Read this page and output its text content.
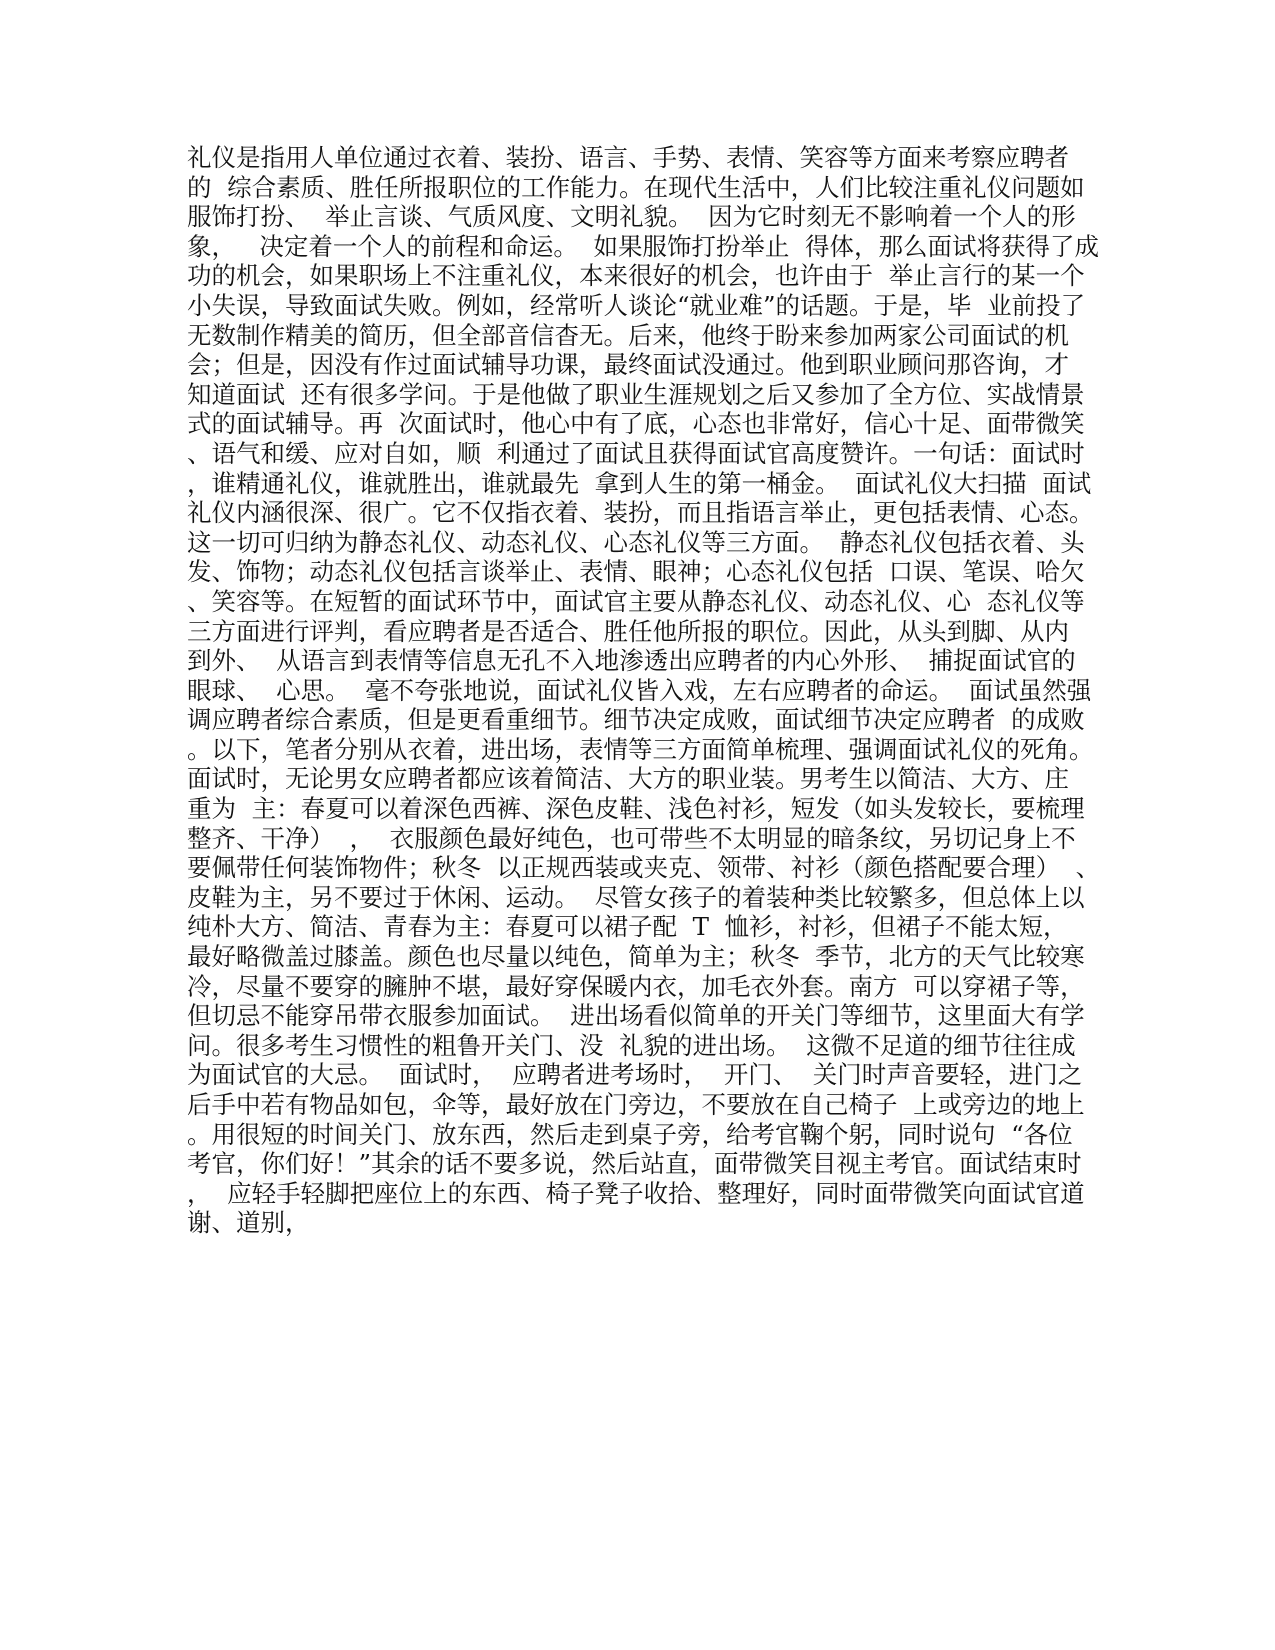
礼仪是指用人单位通过衣着、装扮、语言、手势、表情、笑容等方面来考察应聘者
的  综合素质、胜任所报职位的工作能力。在现代生活中，人们比较注重礼仪问题如
服饰打扮、  举止言谈、气质风度、文明礼貌。  因为它时刻无不影响着一个人的形
象，   决定着一个人的前程和命运。  如果服饰打扮举止  得体，那么面试将获得了成
功的机会，如果职场上不注重礼仪，本来很好的机会，也许由于  举止言行的某一个
小失误，导致面试失败。例如，经常听人谈论“就业难”的话题。于是，毕  业前投了
无数制作精美的简历，但全部音信杳无。后来，他终于盼来参加两家公司面试的机
会；但是，因没有作过面试辅导功课，最终面试没通过。他到职业顾问那咨询，才
知道面试  还有很多学问。于是他做了职业生涯规划之后又参加了全方位、实战情景
式的面试辅导。再  次面试时，他心中有了底，心态也非常好，信心十足、面带微笑
、语气和缓、应对自如，顺  利通过了面试且获得面试官高度赞许。一句话：面试时
，谁精通礼仪，谁就胜出，谁就最先  拿到人生的第一桶金。  面试礼仪大扫描  面试
礼仪内涵很深、很广。它不仅指衣着、装扮，而且指语言举止，更包括表情、心态。
这一切可归纳为静态礼仪、动态礼仪、心态礼仪等三方面。  静态礼仪包括衣着、头
发、饰物；动态礼仪包括言谈举止、表情、眼神；心态礼仪包括  口误、笔误、哈欠
、笑容等。在短暂的面试环节中，面试官主要从静态礼仪、动态礼仪、心  态礼仪等
三方面进行评判，看应聘者是否适合、胜任他所报的职位。因此，从头到脚、从内
到外、  从语言到表情等信息无孔不入地渗透出应聘者的内心外形、  捕捉面试官的
眼球、  心思。  毫不夸张地说，面试礼仪皆入戏，左右应聘者的命运。  面试虽然强
调应聘者综合素质，但是更看重细节。细节决定成败，面试细节决定应聘者  的成败
。以下，笔者分别从衣着，进出场，表情等三方面简单梳理、强调面试礼仪的死角。
面试时，无论男女应聘者都应该着简洁、大方的职业装。男考生以简洁、大方、庄
重为  主：春夏可以着深色西裤、深色皮鞋、浅色衬衫，短发（如头发较长，要梳理
整齐、干净）  ，  衣服颜色最好纯色，也可带些不太明显的暗条纹，另切记身上不
要佩带任何装饰物件；秋冬  以正规西装或夹克、领带、衬衫（颜色搭配要合理）  、
皮鞋为主，另不要过于休闲、运动。  尽管女孩子的着装种类比较繁多，但总体上以
纯朴大方、简洁、青春为主：春夏可以裙子配  T  恤衫，衬衫，但裙子不能太短，
最好略微盖过膝盖。颜色也尽量以纯色，简单为主；秋冬  季节，北方的天气比较寒
冷，尽量不要穿的臃肿不堪，最好穿保暖内衣，加毛衣外套。南方  可以穿裙子等，
但切忌不能穿吊带衣服参加面试。  进出场看似简单的开关门等细节，这里面大有学
问。很多考生习惯性的粗鲁开关门、没  礼貌的进出场。  这微不足道的细节往往成
为面试官的大忌。  面试时，  应聘者进考场时，  开门、  关门时声音要轻，进门之
后手中若有物品如包，伞等，最好放在门旁边，不要放在自己椅子  上或旁边的地上
。用很短的时间关门、放东西，然后走到桌子旁，给考官鞠个躬，同时说句  “各位
考官，你们好！”其余的话不要多说，然后站直，面带微笑目视主考官。面试结束时
，  应轻手轻脚把座位上的东西、椅子凳子收拾、整理好，同时面带微笑向面试官道
谢、道别，
